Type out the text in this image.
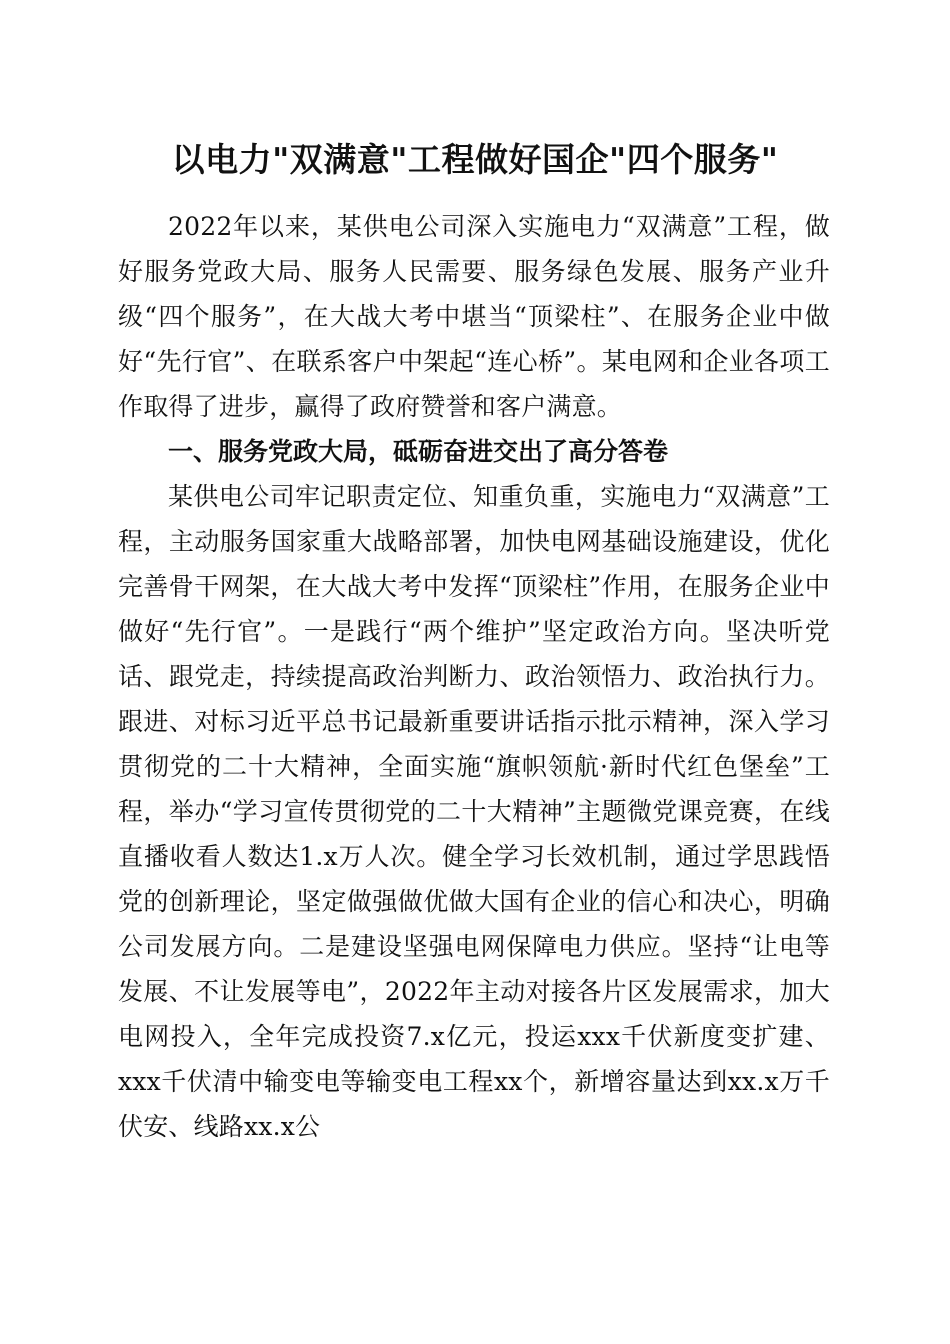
以电力"双满意"工程做好国企"四个服务"

2022年以来，某供电公司深入实施电力“双满意”工程，做好服务党政大局、服务人民需要、服务绿色发展、服务产业升级“四个服务”，在大战大考中堪当“顶梁柱”、在服务企业中做好“先行官”、在联系客户中架起“连心桥”。某电网和企业各项工作取得了进步，赢得了政府赞誉和客户满意。

一、服务党政大局，砥砺奋进交出了高分答卷

某供电公司牢记职责定位、知重负重，实施电力“双满意”工程，主动服务国家重大战略部署，加快电网基础设施建设，优化完善骨干网架，在大战大考中发挥“顶梁柱”作用，在服务企业中做好“先行官”。一是践行“两个维护”坚定政治方向。坚决听党话、跟党走，持续提高政治判断力、政治领悟力、政治执行力。跟进、对标习近平总书记最新重要讲话指示批示精神，深入学习贯彻党的二十大精神，全面实施“旗帜领航·新时代红色堡垒”工程，举办“学习宣传贯彻党的二十大精神”主题微党课竞赛，在线直播收看人数达1.x万人次。健全学习长效机制，通过学思践悟党的创新理论，坚定做强做优做大国有企业的信心和决心，明确公司发展方向。二是建设坚强电网保障电力供应。坚持“让电等发展、不让发展等电”，2022年主动对接各片区发展需求，加大电网投入，全年完成投资7.x亿元，投运xxx千伏新度变扩建、xxx千伏清中输变电等输变电工程xx个，新增容量达到xx.x万千伏安、线路xx.x公
